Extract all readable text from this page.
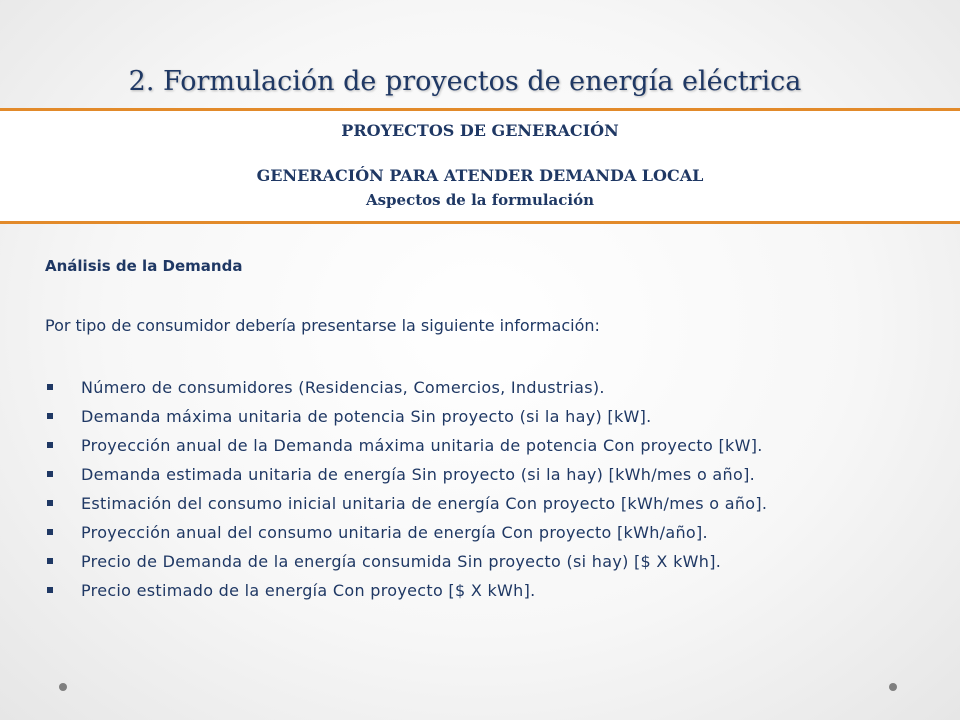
2. Formulación de proyectos de energía eléctrica
PROYECTOS DE GENERACIÓN
GENERACIÓN PARA ATENDER DEMANDA LOCAL
Aspectos de la formulación
Análisis de la Demanda

Por tipo de consumidor debería presentarse la siguiente información:

Número de consumidores (Residencias, Comercios, Industrias).
Demanda máxima unitaria de potencia Sin proyecto (si la hay) [kW].
Proyección anual de la Demanda máxima unitaria de potencia Con proyecto [kW].
Demanda estimada unitaria de energía Sin proyecto (si la hay) [kWh/mes o año].
Estimación del consumo inicial unitaria de energía Con proyecto [kWh/mes o año].
Proyección anual del consumo unitaria de energía Con proyecto [kWh/año].
Precio de Demanda de la energía consumida Sin proyecto (si hay) [$ X kWh].
Precio estimado de la energía Con proyecto [$ X kWh].
